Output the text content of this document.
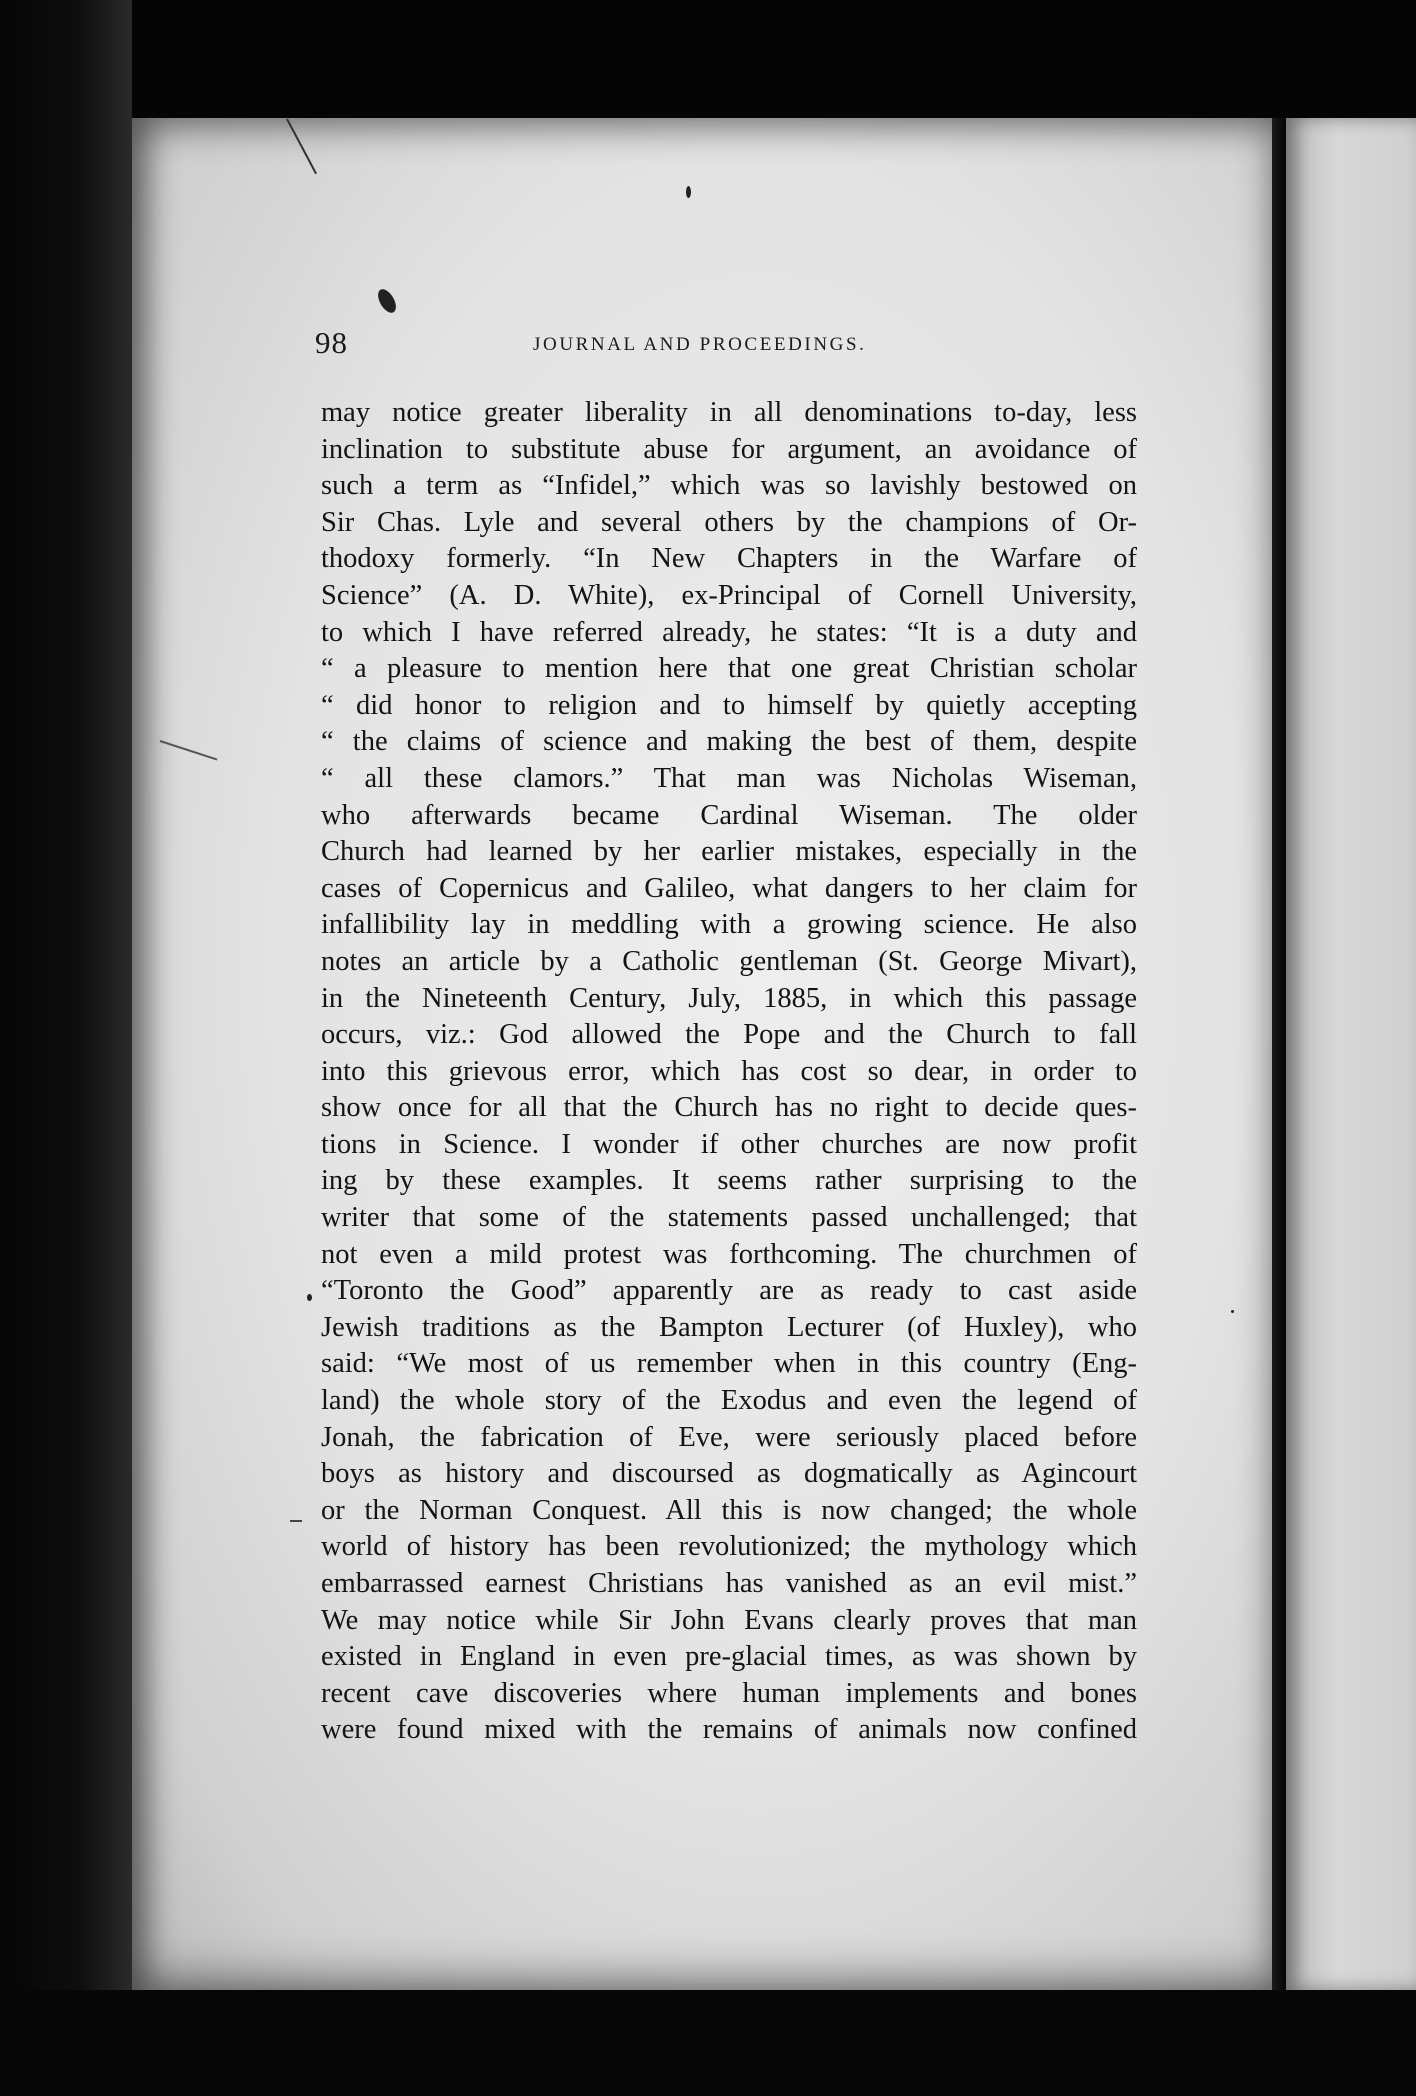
98	JOURNAL AND PROCEEDINGS.
may notice greater liberality in all denominations to-day, less
inclination to substitute abuse for argument, an avoidance of
such a term as “Infidel,” which was so lavishly bestowed on
Sir Chas. Lyle and several others by the champions of Or-
thodoxy formerly. “In New Chapters in the Warfare of
Science” (A. D. White), ex-Principal of Cornell University,
to which I have referred already, he states: “It is a duty and
“ a pleasure to mention here that one great Christian scholar
“ did honor to religion and to himself by quietly accepting
“ the claims of science and making the best of them, despite
“ all these clamors.” That man was Nicholas Wiseman,
who afterwards became Cardinal Wiseman. The older
Church had learned by her earlier mistakes, especially in the
cases of Copernicus and Galileo, what dangers to her claim for
infallibility lay in meddling with a growing science. He also
notes an article by a Catholic gentleman (St. George Mivart),
in the Nineteenth Century, July, 1885, in which this passage
occurs, viz.: God allowed the Pope and the Church to fall
into this grievous error, which has cost so dear, in order to
show once for all that the Church has no right to decide ques-
tions in Science. I wonder if other churches are now profit
ing by these examples. It seems rather surprising to the
writer that some of the statements passed unchallenged; that
not even a mild protest was forthcoming. The churchmen of
“Toronto the Good” apparently are as ready to cast aside
Jewish traditions as the Bampton Lecturer (of Huxley), who
said: “We most of us remember when in this country (Eng-
land) the whole story of the Exodus and even the legend of
Jonah, the fabrication of Eve, were seriously placed before
boys as history and discoursed as dogmatically as Agincourt
or the Norman Conquest. All this is now changed; the whole
world of history has been revolutionized; the mythology which
embarrassed earnest Christians has vanished as an evil mist.”
We may notice while Sir John Evans clearly proves that man
existed in England in even pre-glacial times, as was shown by
recent cave discoveries where human implements and bones
were found mixed with the remains of animals now confined
